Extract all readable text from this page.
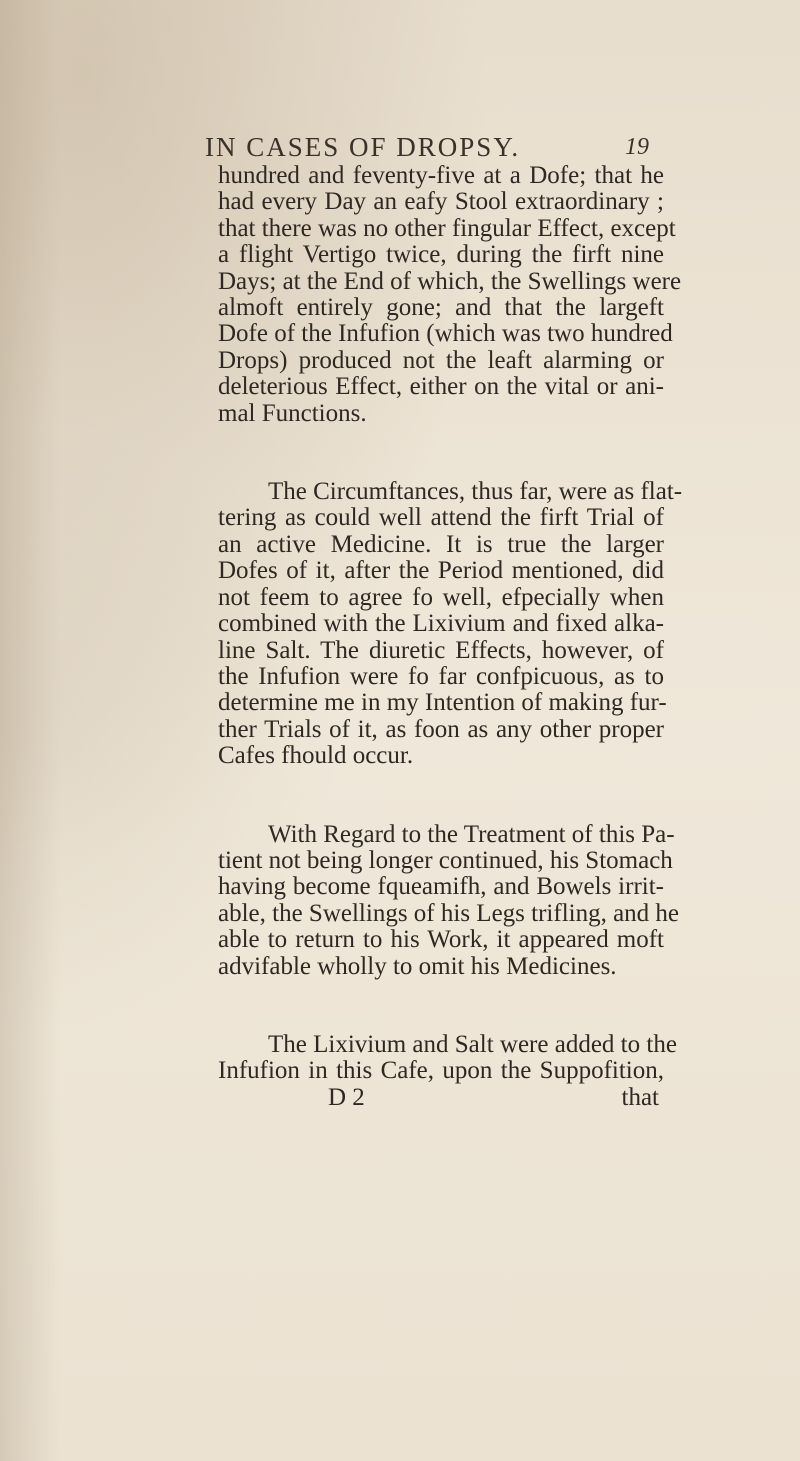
IN CASES OF DROPSY.	19
hundred and feventy-five at a Dofe; that he
had every Day an eafy Stool extraordinary ;
that there was no other fingular Effect, except
a flight Vertigo twice, during the firft nine
Days; at the End of which, the Swellings were
almoft entirely gone; and that the largeft
Dofe of the Infufion (which was two hundred
Drops) produced not the leaft alarming or
deleterious Effect, either on the vital or ani-
mal Functions.
The Circumftances, thus far, were as flat-
tering as could well attend the firft Trial of
an active Medicine. It is true the larger
Dofes of it, after the Period mentioned, did
not feem to agree fo well, efpecially when
combined with the Lixivium and fixed alka-
line Salt. The diuretic Effects, however, of
the Infufion were fo far confpicuous, as to
determine me in my Intention of making fur-
ther Trials of it, as foon as any other proper
Cafes fhould occur.
With Regard to the Treatment of this Pa-
tient not being longer continued, his Stomach
having become fqueamifh, and Bowels irrit-
able, the Swellings of his Legs trifling, and he
able to return to his Work, it appeared moft
advifable wholly to omit his Medicines.
The Lixivium and Salt were added to the
Infufion in this Cafe, upon the Suppofition,
D 2	that
